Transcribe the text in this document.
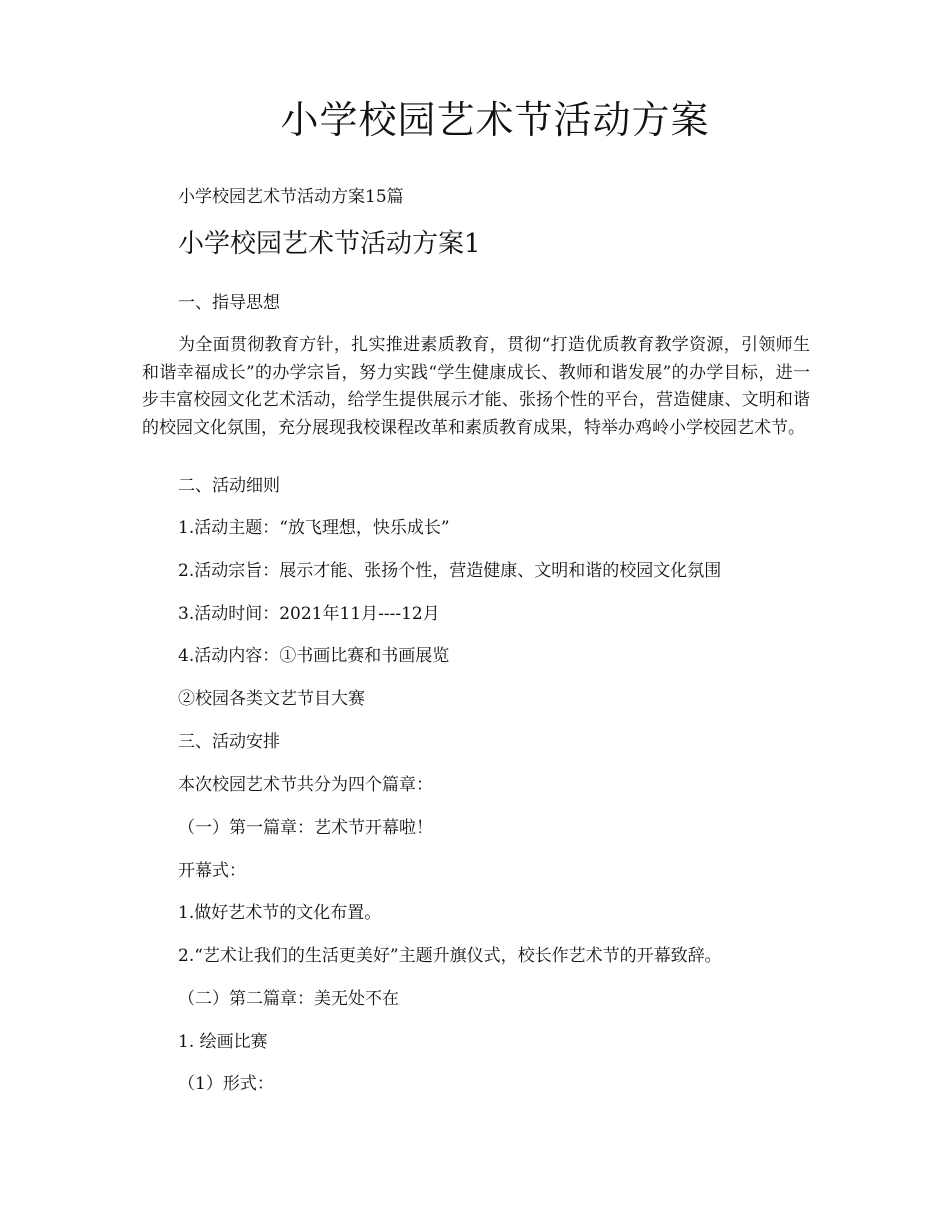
小学校园艺术节活动方案
小学校园艺术节活动方案15篇
小学校园艺术节活动方案1
一、指导思想
为全面贯彻教育方针，扎实推进素质教育，贯彻“打造优质教育教学资源，引领师生和谐幸福成长”的办学宗旨，努力实践“学生健康成长、教师和谐发展”的办学目标，进一步丰富校园文化艺术活动，给学生提供展示才能、张扬个性的平台，营造健康、文明和谐的校园文化氛围，充分展现我校课程改革和素质教育成果，特举办鸡岭小学校园艺术节。
二、活动细则
1.活动主题：“放飞理想，快乐成长”
2.活动宗旨：展示才能、张扬个性，营造健康、文明和谐的校园文化氛围
3.活动时间：2021年11月----12月
4.活动内容：①书画比赛和书画展览
②校园各类文艺节目大赛
三、活动安排
本次校园艺术节共分为四个篇章：
（一）第一篇章：艺术节开幕啦！
开幕式：
1.做好艺术节的文化布置。
2.“艺术让我们的生活更美好”主题升旗仪式，校长作艺术节的开幕致辞。
（二）第二篇章：美无处不在
1. 绘画比赛
（1）形式：
